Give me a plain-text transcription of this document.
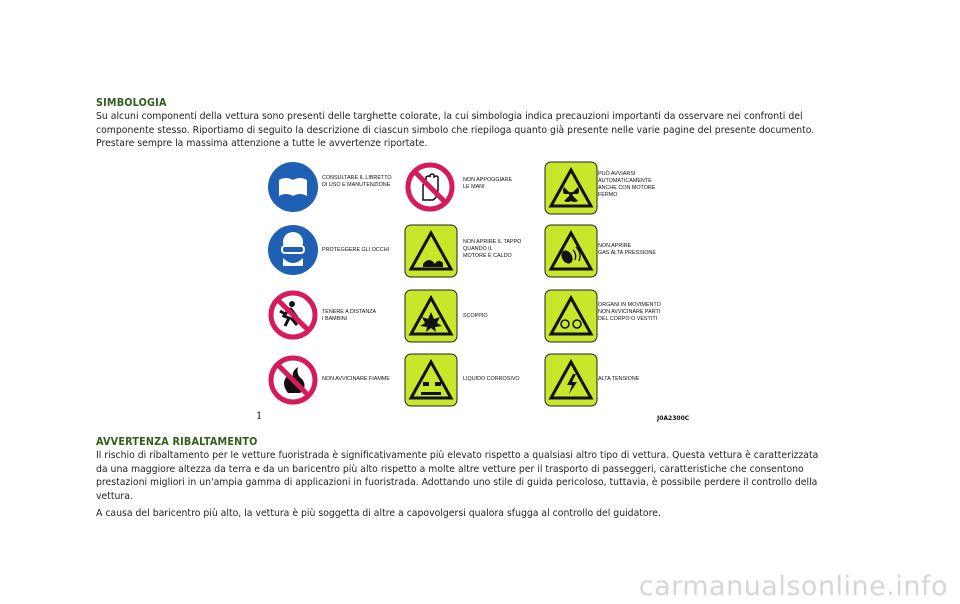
SIMBOLOGIA
Su alcuni componenti della vettura sono presenti delle targhette colorate, la cui simbologia indica precauzioni importanti da osservare nei confronti del componente stesso. Riportiamo di seguito la descrizione di ciascun simbolo che riepiloga quanto già presente nelle varie pagine del presente documento. Prestare sempre la massima attenzione a tutte le avvertenze riportate.
CONSULTARE IL LIBRETTO
DI USO E MANUTENZIONE
PROTEGGERE GLI OCCHI
TENERE A DISTANZA
I BAMBINI
NON AVVICINARE FIAMME
NON APPOGGIARE
LE MANI
NON APRIRE IL TAPPO
QUANDO IL
MOTORE È CALDO
SCOPPIO
LIQUIDO CORROSIVO
PUÒ AVVIARSI
AUTOMATICAMENTE
ANCHE CON MOTORE
FERMO
NON APRIRE
GAS ALTA PRESSIONE
ORGANI IN MOVIMENTO
NON AVVICINARE PARTI
DEL CORPO O VESTITI
ALTA TENSIONE
1	J0A2300C
AVVERTENZA RIBALTAMENTO
Il rischio di ribaltamento per le vetture fuoristrada è significativamente più elevato rispetto a qualsiasi altro tipo di vettura. Questa vettura è caratterizzata da una maggiore altezza da terra e da un baricentro più alto rispetto a molte altre vetture per il trasporto di passeggeri, caratteristiche che consentono prestazioni migliori in un'ampia gamma di applicazioni in fuoristrada. Adottando uno stile di guida pericoloso, tuttavia, è possibile perdere il controllo della vettura.
A causa del baricentro più alto, la vettura è più soggetta di altre a capovolgersi qualora sfugga al controllo del guidatore.
carmanualsonline.info
